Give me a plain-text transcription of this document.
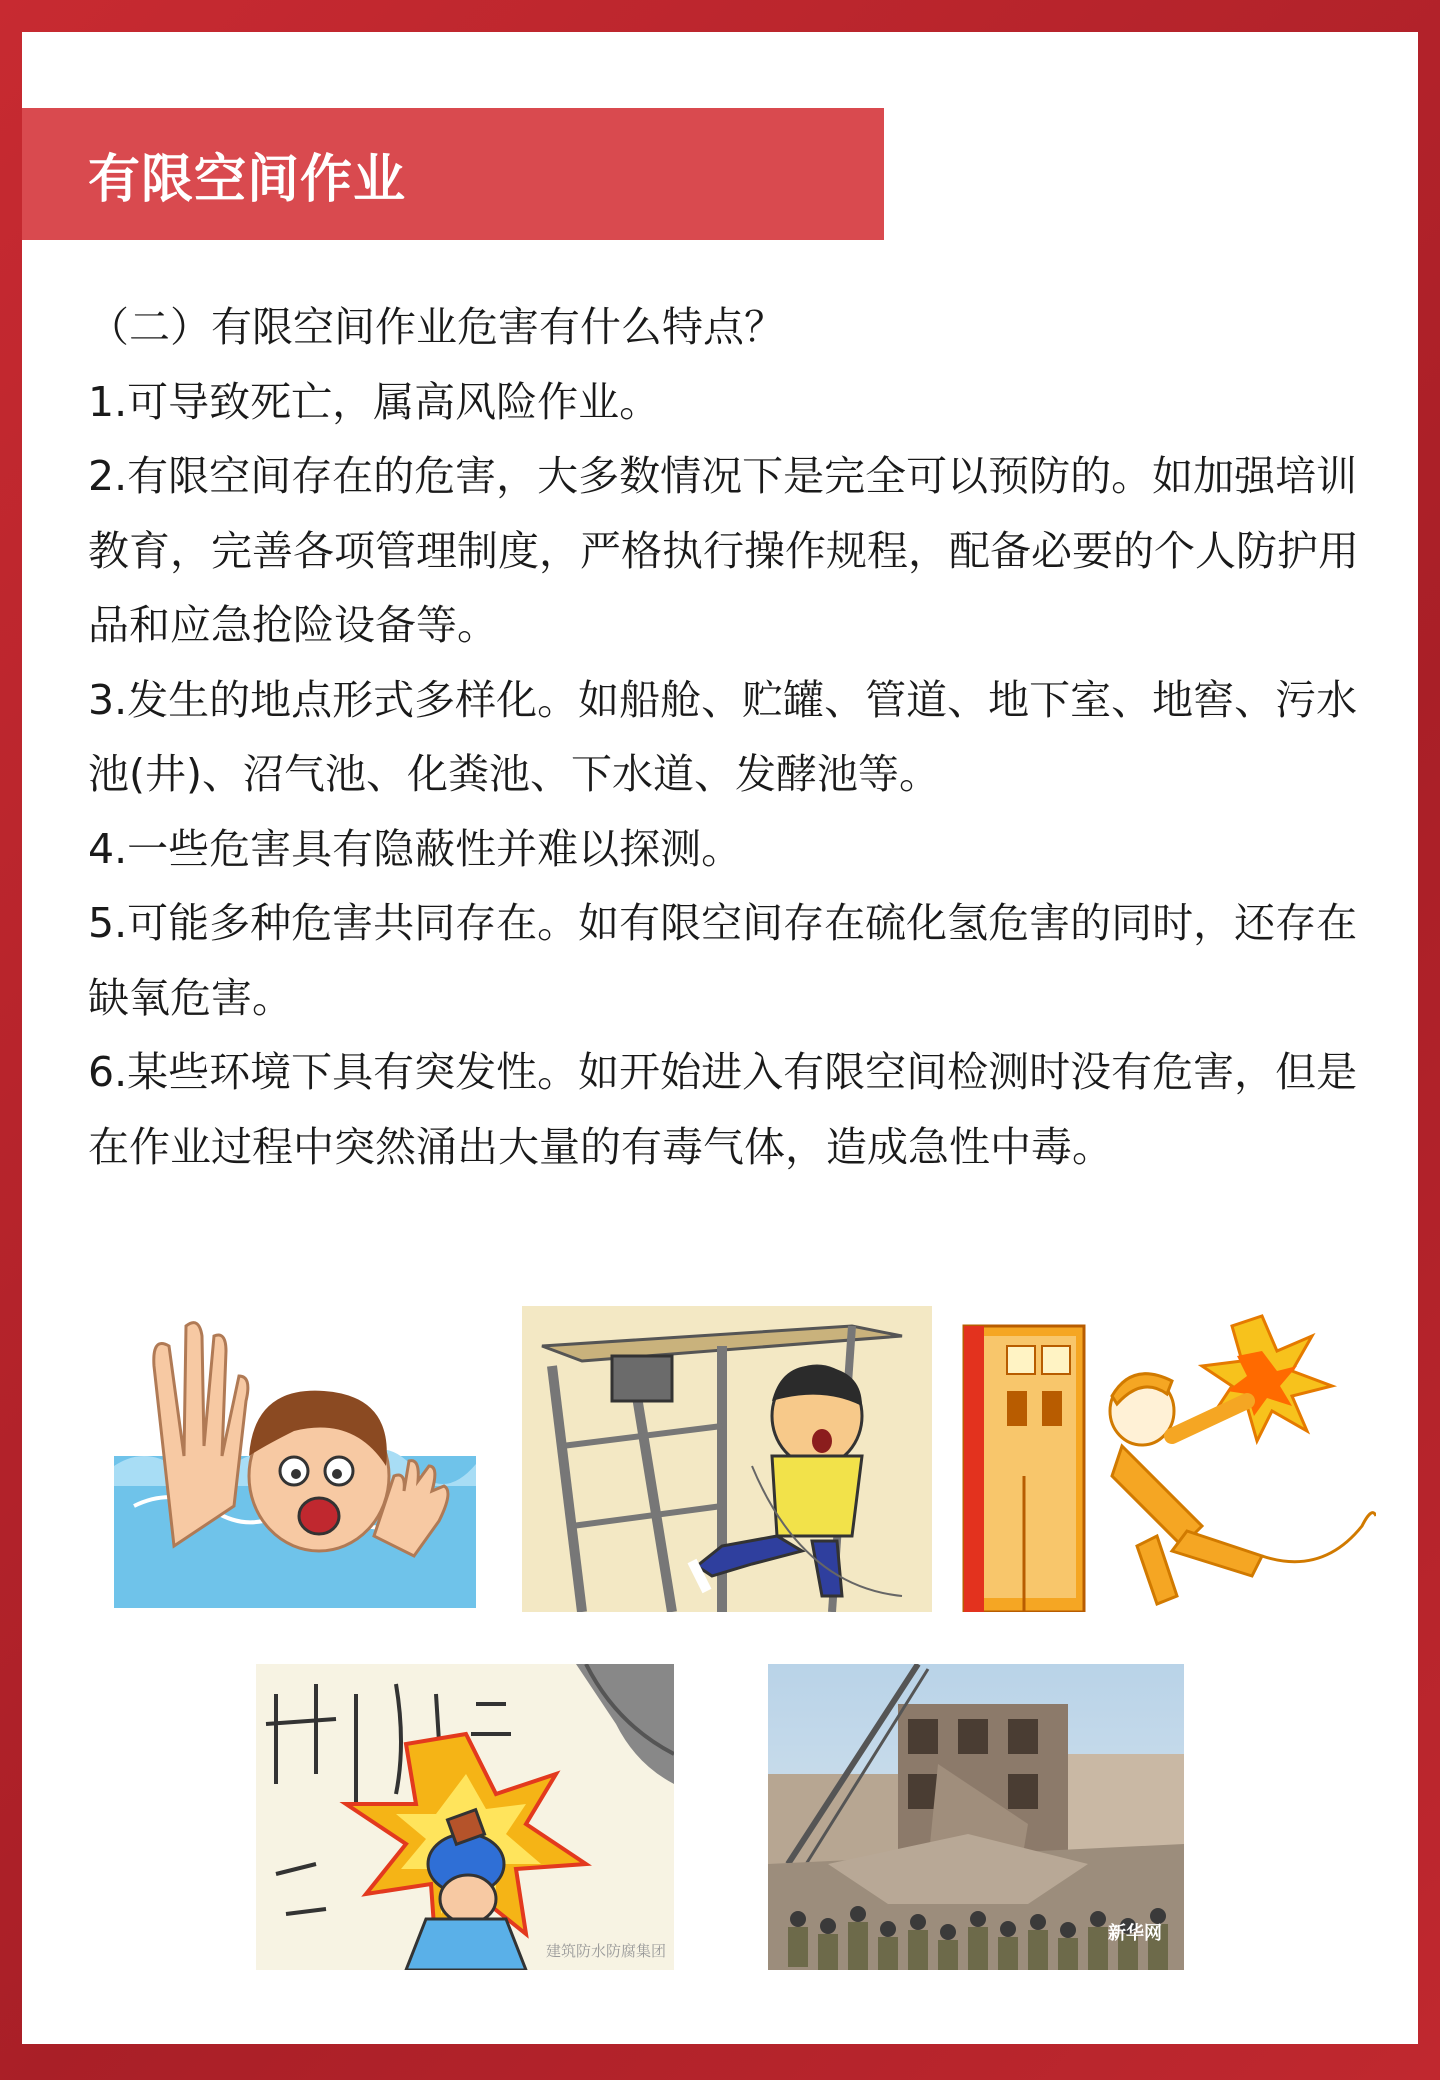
有限空间作业

（二）有限空间作业危害有什么特点？

1.可导致死亡，属高风险作业。

2.有限空间存在的危害，大多数情况下是完全可以预防的。如加强培训教育，完善各项管理制度，严格执行操作规程，配备必要的个人防护用品和应急抢险设备等。

3.发生的地点形式多样化。如船舱、贮罐、管道、地下室、地窖、污水池(井)、沼气池、化粪池、下水道、发酵池等。

4.一些危害具有隐蔽性并难以探测。

5.可能多种危害共同存在。如有限空间存在硫化氢危害的同时，还存在缺氧危害。

6.某些环境下具有突发性。如开始进入有限空间检测时没有危害，但是在作业过程中突然涌出大量的有毒气体，造成急性中毒。

建筑防水防腐集团
新华网
